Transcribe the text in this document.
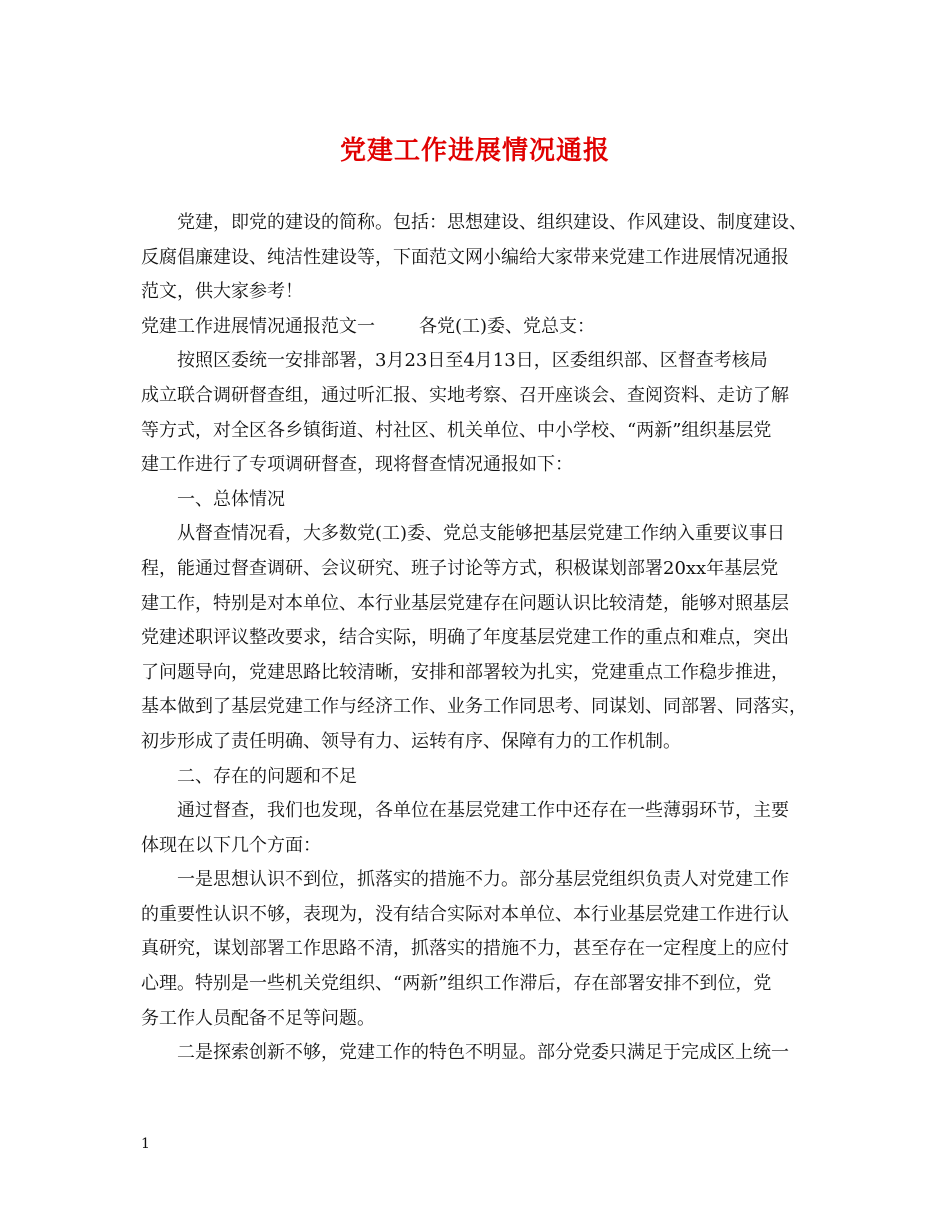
党建工作进展情况通报
党建，即党的建设的简称。包括：思想建设、组织建设、作风建设、制度建设、
反腐倡廉建设、纯洁性建设等，下面范文网小编给大家带来党建工作进展情况通报
范文，供大家参考！
党建工作进展情况通报范文一 各党(工)委、党总支：
按照区委统一安排部署，3月23日至4月13日，区委组织部、区督查考核局
成立联合调研督查组，通过听汇报、实地考察、召开座谈会、查阅资料、走访了解
等方式，对全区各乡镇街道、村社区、机关单位、中小学校、“两新”组织基层党
建工作进行了专项调研督查，现将督查情况通报如下：
一、总体情况
从督查情况看，大多数党(工)委、党总支能够把基层党建工作纳入重要议事日
程，能通过督查调研、会议研究、班子讨论等方式，积极谋划部署20xx年基层党
建工作，特别是对本单位、本行业基层党建存在问题认识比较清楚，能够对照基层
党建述职评议整改要求，结合实际，明确了年度基层党建工作的重点和难点，突出
了问题导向，党建思路比较清晰，安排和部署较为扎实，党建重点工作稳步推进，
基本做到了基层党建工作与经济工作、业务工作同思考、同谋划、同部署、同落实，
初步形成了责任明确、领导有力、运转有序、保障有力的工作机制。
二、存在的问题和不足
通过督查，我们也发现，各单位在基层党建工作中还存在一些薄弱环节，主要
体现在以下几个方面：
一是思想认识不到位，抓落实的措施不力。部分基层党组织负责人对党建工作
的重要性认识不够，表现为，没有结合实际对本单位、本行业基层党建工作进行认
真研究，谋划部署工作思路不清，抓落实的措施不力，甚至存在一定程度上的应付
心理。特别是一些机关党组织、“两新”组织工作滞后，存在部署安排不到位，党
务工作人员配备不足等问题。
二是探索创新不够，党建工作的特色不明显。部分党委只满足于完成区上统一
1
